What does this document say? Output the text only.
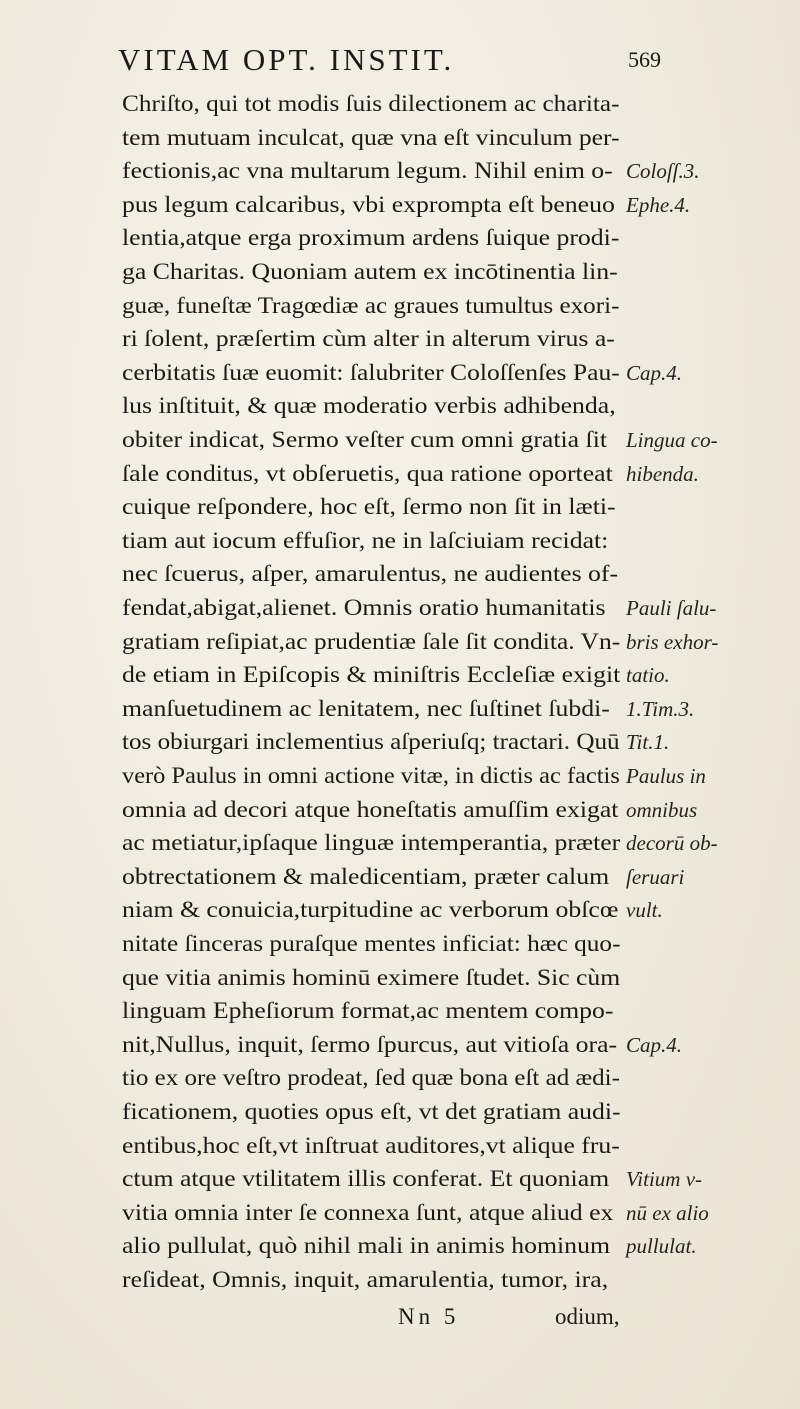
VITAM OPT. INSTIT.	569
Chriſto, qui tot modis ſuis dilectionem ac charita-
tem mutuam inculcat, quæ vna eſt vinculum per-
fectionis,ac vna multarum legum. Nihil enim o-
pus legum calcaribus, vbi exprompta eſt beneuo
lentia,atque erga proximum ardens ſuique prodi-
ga Charitas. Quoniam autem ex incōtinentia lin-
guæ, funeſtæ Tragœdiæ ac graues tumultus exori-
ri ſolent, præſertim cùm alter in alterum virus a-
cerbitatis ſuæ euomit: ſalubriter Coloſſenſes Pau-
lus inſtituit, & quæ moderatio verbis adhibenda,
obiter indicat, Sermo veſter cum omni gratia ſit
ſale conditus, vt obſeruetis, qua ratione oporteat
cuique reſpondere, hoc eſt, ſermo non ſit in læti-
tiam aut iocum effuſior, ne in laſciuiam recidat:
nec ſcuerus, aſper, amarulentus, ne audientes of-
fendat,abigat,alienet. Omnis oratio humanitatis
gratiam reſipiat,ac prudentiæ ſale ſit condita. Vn-
de etiam in Epiſcopis & miniſtris Eccleſiæ exigit
manſuetudinem ac lenitatem, nec ſuſtinet ſubdi-
tos obiurgari inclementius aſperiuſq; tractari. Quū
verò Paulus in omni actione vitæ, in dictis ac factis
omnia ad decori atque honeſtatis amuſſim exigat
ac metiatur,ipſaque linguæ intemperantia, præter
obtrectationem & maledicentiam, præter calum
niam & conuicia,turpitudine ac verborum obſcœ
nitate ſinceras puraſque mentes inficiat: hæc quo-
que vitia animis hominū eximere ſtudet. Sic cùm
linguam Epheſiorum format,ac mentem compo-
nit,Nullus, inquit, ſermo ſpurcus, aut vitioſa ora-
tio ex ore veſtro prodeat, ſed quæ bona eſt ad ædi-
ficationem, quoties opus eſt, vt det gratiam audi-
entibus,hoc eſt,vt inſtruat auditores,vt alique fru-
ctum atque vtilitatem illis conferat. Et quoniam
vitia omnia inter ſe connexa ſunt, atque aliud ex
alio pullulat, quò nihil mali in animis hominum
reſideat, Omnis, inquit, amarulentia, tumor, ira,
Coloſſ.3.
Ephe.4.
Cap.4.
Lingua co-
hibenda.
Pauli ſalu-
bris exhor-
tatio.
1.Tim.3.
Tit.1.
Paulus in
omnibus
decorū ob-
ſeruari
vult.
Cap.4.
Vitium v-
nū ex alio
pullulat.
Nn 5	odium,
